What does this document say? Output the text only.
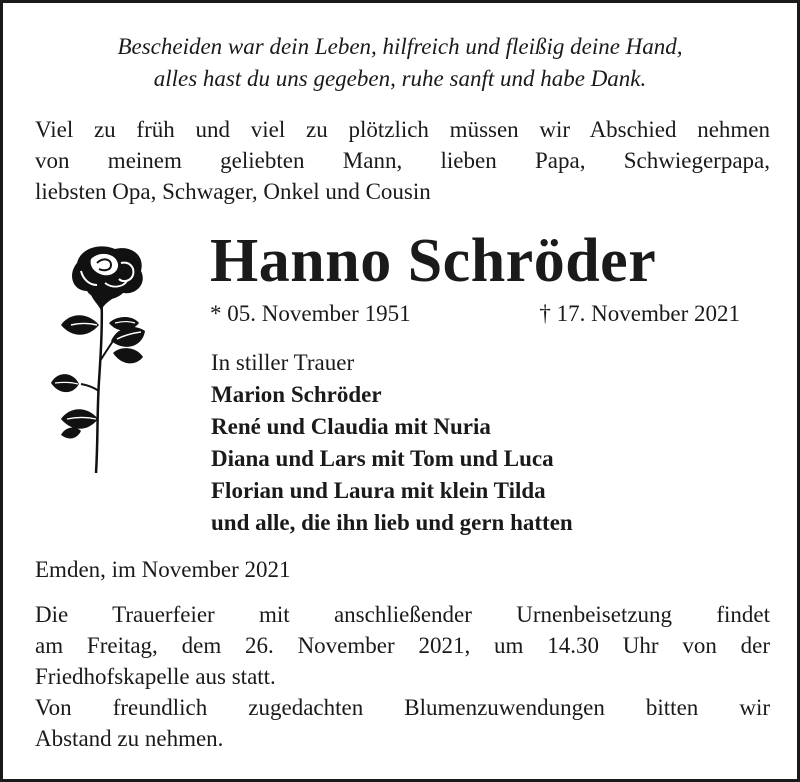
Bescheiden war dein Leben, hilfreich und fleißig deine Hand,
alles hast du uns gegeben, ruhe sanft und habe Dank.
Viel zu früh und viel zu plötzlich müssen wir Abschied nehmen
von meinem geliebten Mann, lieben Papa, Schwiegerpapa,
liebsten Opa, Schwager, Onkel und Cousin
Hanno Schröder
* 05. November 1951	† 17. November 2021
In stiller Trauer
Marion Schröder
René und Claudia mit Nuria
Diana und Lars mit Tom und Luca
Florian und Laura mit klein Tilda
und alle, die ihn lieb und gern hatten
Emden, im November 2021
Die Trauerfeier mit anschließender Urnenbeisetzung findet
am Freitag, dem 26. November 2021, um 14.30 Uhr von der
Friedhofskapelle aus statt.
Von freundlich zugedachten Blumenzuwendungen bitten wir
Abstand zu nehmen.
